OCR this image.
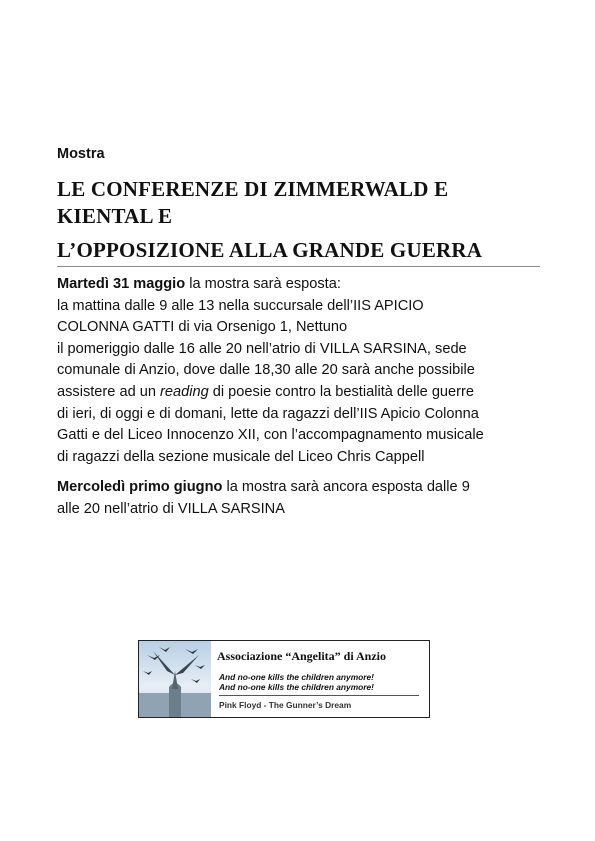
Mostra
LE CONFERENZE DI ZIMMERWALD E
KIENTAL E
L’OPPOSIZIONE ALLA GRANDE GUERRA

Martedì 31 maggio la mostra sarà esposta:
la mattina dalle 9 alle 13 nella succursale dell’IIS APICIO
COLONNA GATTI di via Orsenigo 1, Nettuno
il pomeriggio dalle 16 alle 20 nell’atrio di VILLA SARSINA, sede
comunale di Anzio, dove dalle 18,30 alle 20 sarà anche possibile
assistere ad un reading di poesie contro la bestialità delle guerre
di ieri, di oggi e di domani, lette da ragazzi dell’IIS Apicio Colonna
Gatti e del Liceo Innocenzo XII, con l’accompagnamento musicale
di ragazzi della sezione musicale del Liceo Chris Cappell

Mercoledì primo giugno la mostra sarà ancora esposta dalle 9
alle 20 nell’atrio di VILLA SARSINA

Associazione “Angelita” di Anzio
And no-one kills the children anymore!
And no-one kills the children anymore!
Pink Floyd - The Gunner’s Dream
